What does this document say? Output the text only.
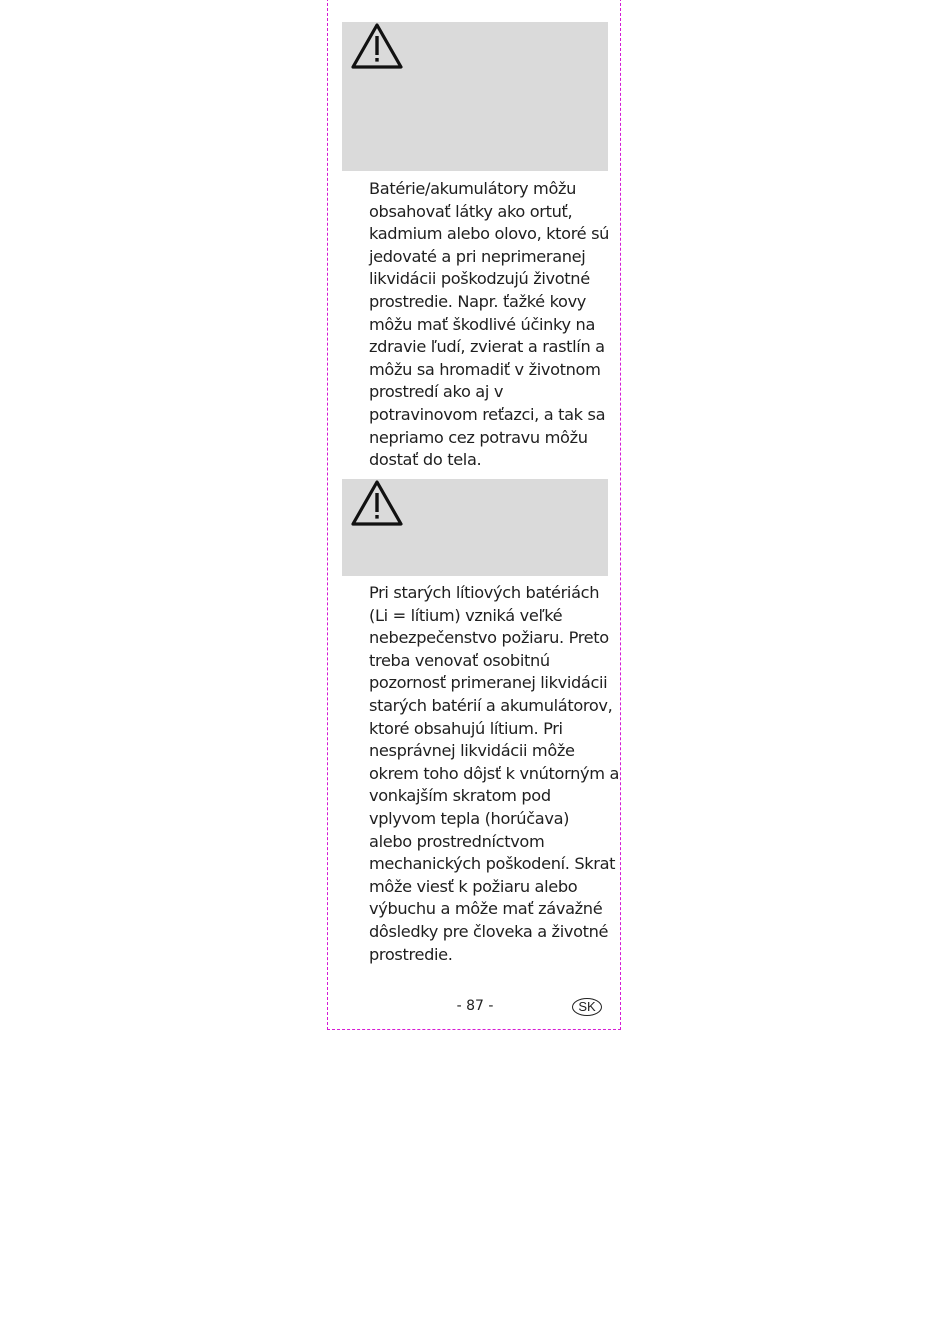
Batérie/akumulátory môžu
obsahovať látky ako ortuť,
kadmium alebo olovo, ktoré sú
jedovaté a pri neprimeranej
likvidácii poškodzujú životné
prostredie. Napr. ťažké kovy
môžu mať škodlivé účinky na
zdravie ľudí, zvierat a rastlín a
môžu sa hromadiť v životnom
prostredí ako aj v
potravinovom reťazci, a tak sa
nepriamo cez potravu môžu
dostať do tela.
Pri starých lítiových batériách
(Li = lítium) vzniká veľké
nebezpečenstvo požiaru. Preto
treba venovať osobitnú
pozornosť primeranej likvidácii
starých batérií a akumulátorov,
ktoré obsahujú lítium. Pri
nesprávnej likvidácii môže
okrem toho dôjsť k vnútorným a
vonkajším skratom pod
vplyvom tepla (horúčava)
alebo prostredníctvom
mechanických poškodení. Skrat
môže viesť k požiaru alebo
výbuchu a môže mať závažné
dôsledky pre človeka a životné
prostredie.
- 87 -	SK
